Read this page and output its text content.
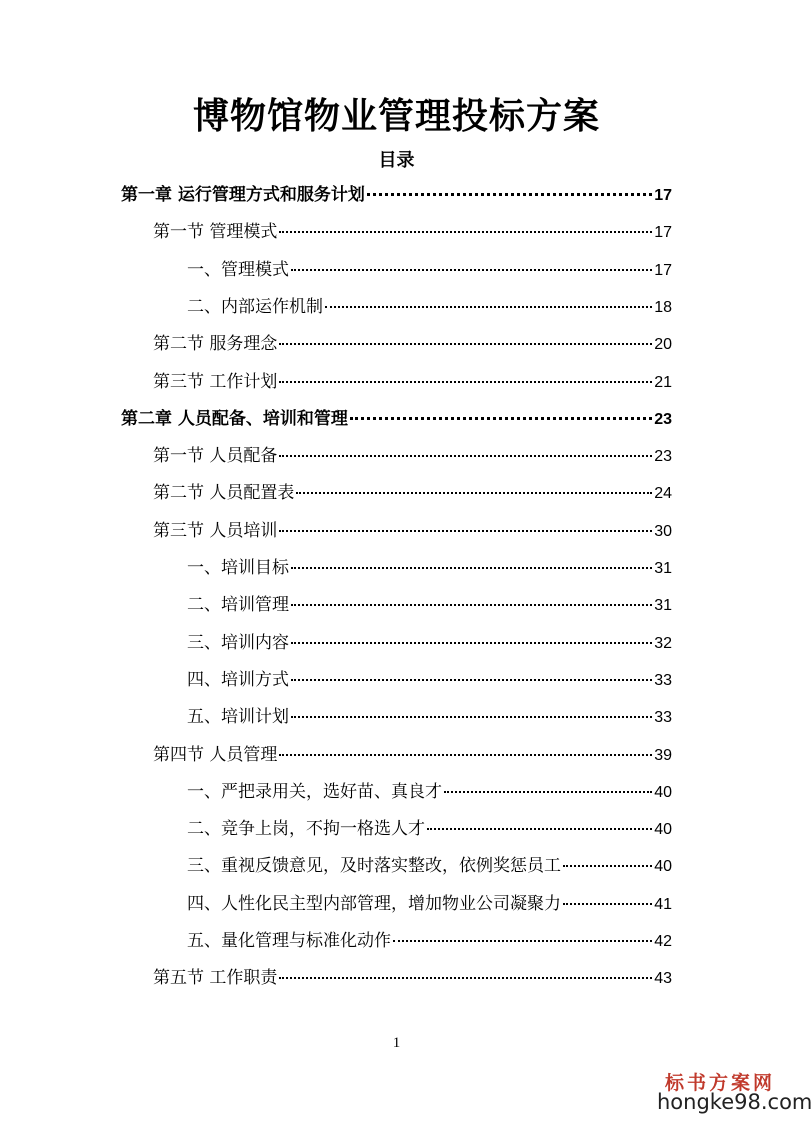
博物馆物业管理投标方案
目录
第一章 运行管理方式和服务计划	17
第一节 管理模式	17
一、管理模式	17
二、内部运作机制	18
第二节 服务理念	20
第三节 工作计划	21
第二章 人员配备、培训和管理	23
第一节 人员配备	23
第二节 人员配置表	24
第三节 人员培训	30
一、培训目标	31
二、培训管理	31
三、培训内容	32
四、培训方式	33
五、培训计划	33
第四节 人员管理	39
一、严把录用关，选好苗、真良才	40
二、竞争上岗，不拘一格选人才	40
三、重视反馈意见，及时落实整改，依例奖惩员工	40
四、人性化民主型内部管理，增加物业公司凝聚力	41
五、量化管理与标准化动作	42
第五节 工作职责	43
1
标书方案网
hongke98.com
